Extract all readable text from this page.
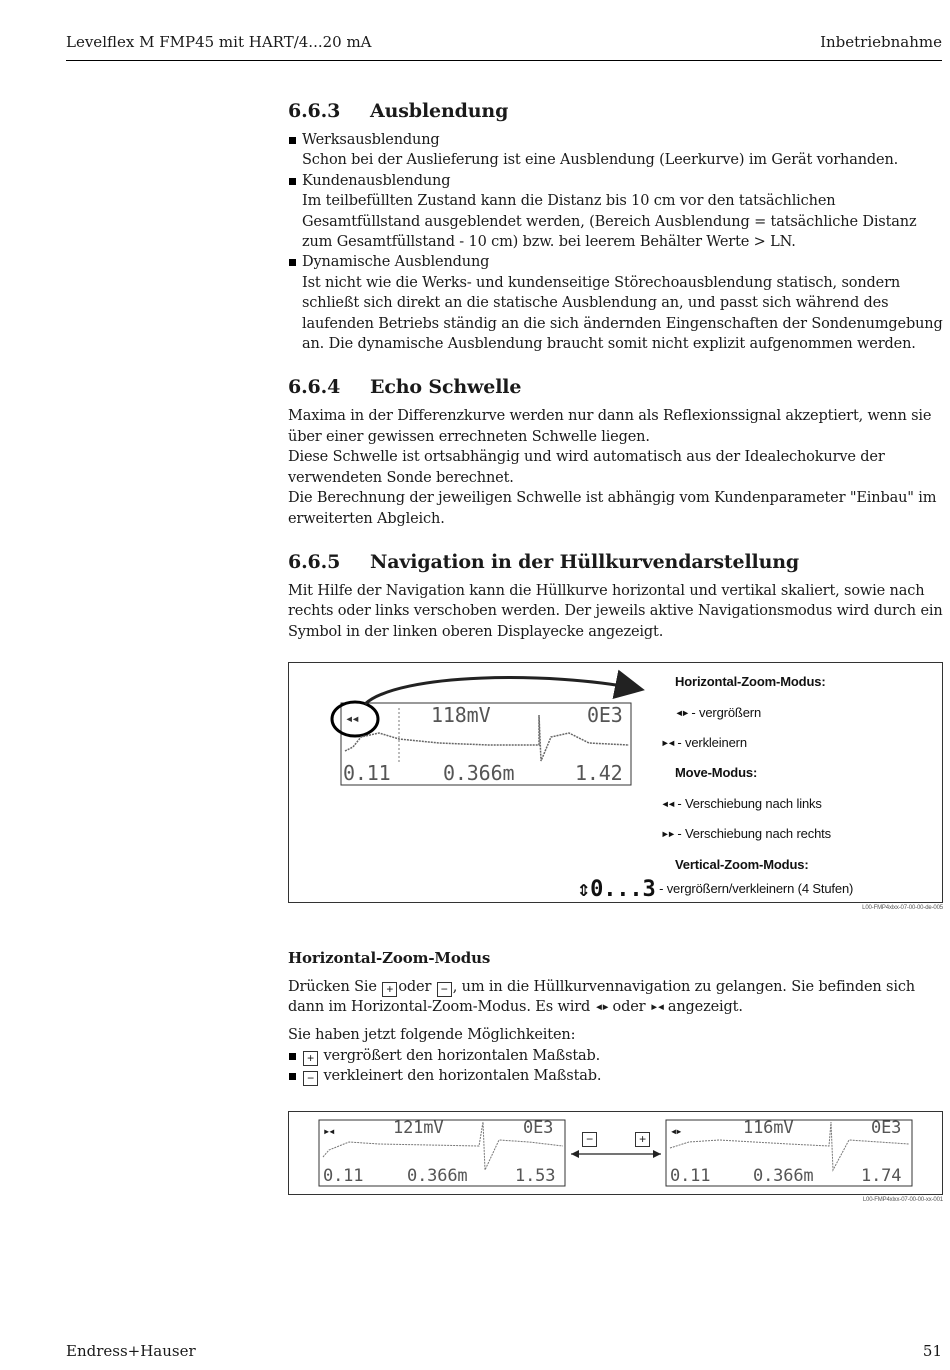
Levelflex M FMP45 mit HART/4...20 mA	Inbetriebnahme
6.6.3	Ausblendung
Werksausblendung
Schon bei der Auslieferung ist eine Ausblendung (Leerkurve) im Gerät vorhanden.
Kundenausblendung
Im teilbefüllten Zustand kann die Distanz bis 10 cm vor den tatsächlichen Gesamtfüllstand ausgeblendet werden, (Bereich Ausblendung = tatsächliche Distanz zum Gesamtfüllstand - 10 cm) bzw. bei leerem Behälter Werte > LN.
Dynamische Ausblendung
Ist nicht wie die Werks- und kundenseitige Störechoausblendung statisch, sondern schließt sich direkt an die statische Ausblendung an, und passt sich während des laufenden Betriebs ständig an die sich ändernden Eingenschaften der Sondenumgebung an. Die dynamische Ausblendung braucht somit nicht explizit aufgenommen werden.
6.6.4	Echo Schwelle

Maxima in der Differenzkurve werden nur dann als Reflexionssignal akzeptiert, wenn sie über einer gewissen errechneten Schwelle liegen.

Diese Schwelle ist ortsabhängig und wird automatisch aus der Idealechokurve der verwendeten Sonde berechnet.

Die Berechnung der jeweiligen Schwelle ist abhängig vom Kundenparameter "Einbau" im erweiterten Abgleich.

6.6.5	Navigation in der Hüllkurvendarstellung

Mit Hilfe der Navigation kann die Hüllkurve horizontal und vertikal skaliert, sowie nach rechts oder links verschoben werden. Der jeweils aktive Navigationsmodus wird durch ein Symbol in der linken oberen Displayecke angezeigt.

◂◂	118mV	0E3
0.11	0.366m	1.42
Horizontal-Zoom-Modus:
◂▸ - vergrößern
▸◂ - verkleinern
Move-Modus:
◂◂ - Verschiebung nach links
▸▸ - Verschiebung nach rechts
Vertical-Zoom-Modus:
⇕0...3 - vergrößern/verkleinern (4 Stufen)
L00-FMP4xlxx-07-00-00-de-005
Horizontal-Zoom-Modus

Drücken Sie + oder − , um in die Hüllkurvennavigation zu gelangen. Sie befinden sich dann im Horizontal-Zoom-Modus. Es wird ◂▸ oder ▸◂ angezeigt.

Sie haben jetzt folgende Möglichkeiten:

+ vergrößert den horizontalen Maßstab.
− verkleinert den horizontalen Maßstab.
▸◂	121mV	0E3
0.11	0.366m	1.53
−	+
◂▸	116mV	0E3
0.11	0.366m	1.74
L00-FMP4xlxx-07-00-00-xx-001
Endress+Hauser	51
